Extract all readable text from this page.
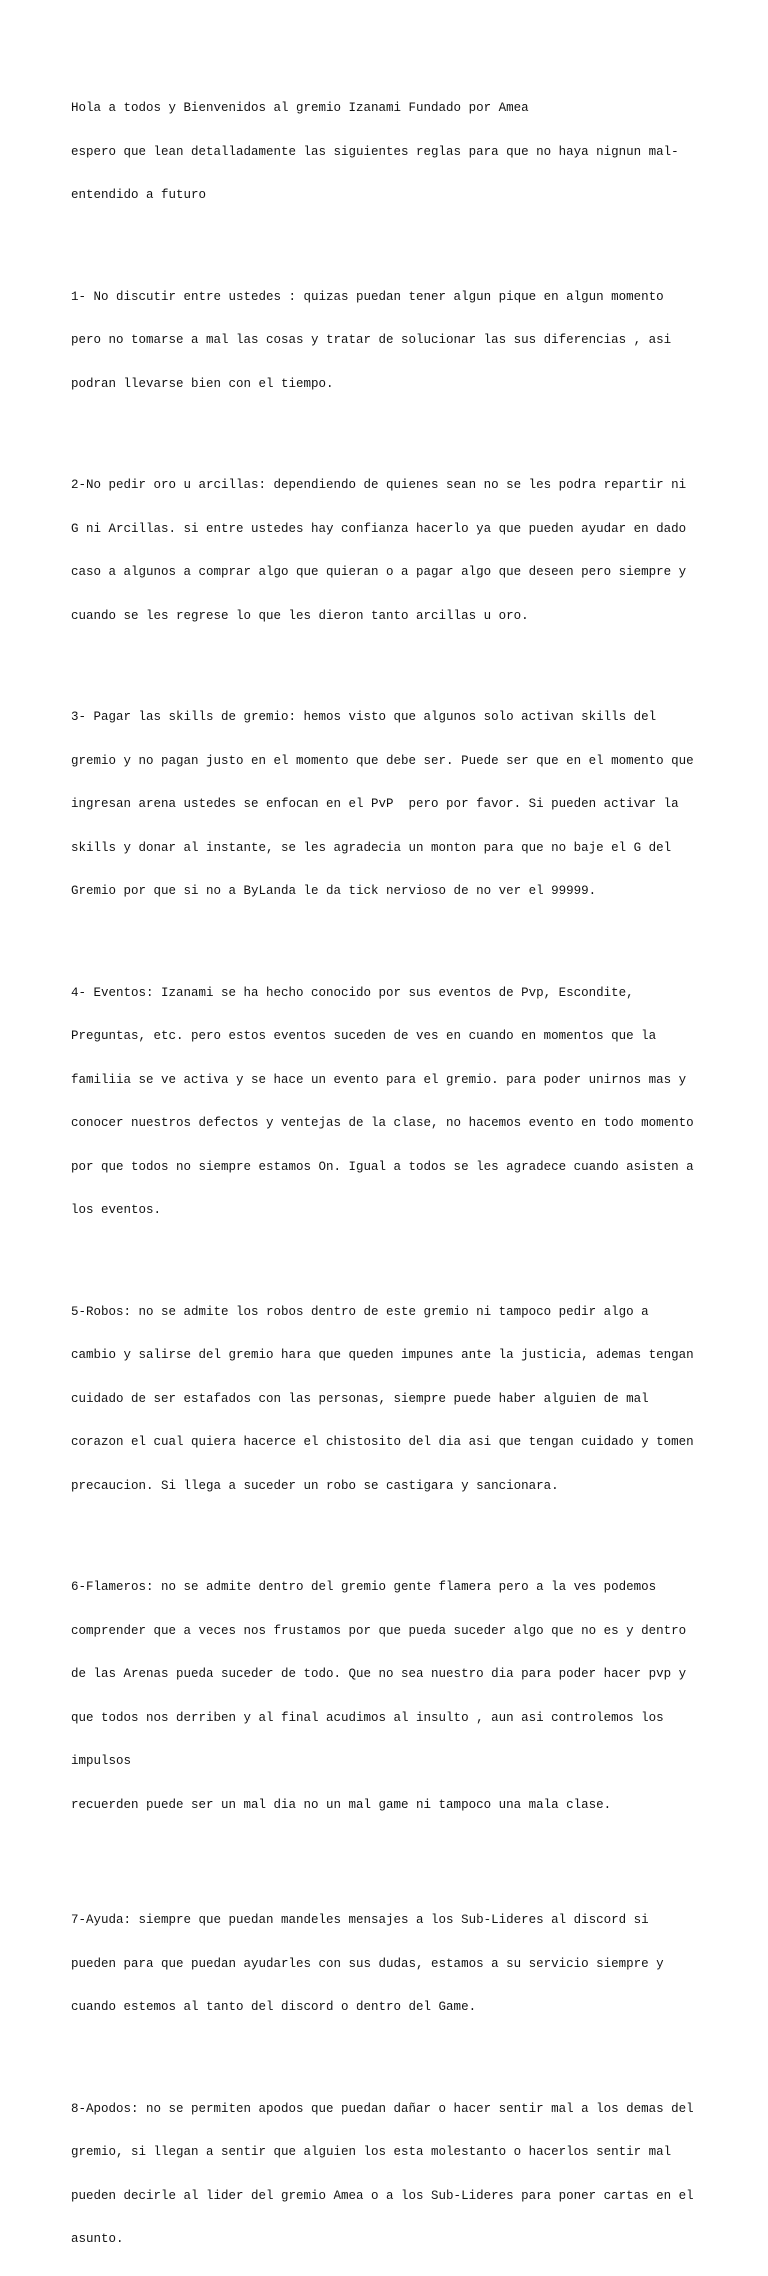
Hola a todos y Bienvenidos al gremio Izanami Fundado por Amea

espero que lean detalladamente las siguientes reglas para que no haya nignun mal-

entendido a futuro

1- No discutir entre ustedes : quizas puedan tener algun pique en algun momento

pero no tomarse a mal las cosas y tratar de solucionar las sus diferencias , asi

podran llevarse bien con el tiempo.

2-No pedir oro u arcillas: dependiendo de quienes sean no se les podra repartir ni

G ni Arcillas. si entre ustedes hay confianza hacerlo ya que pueden ayudar en dado

caso a algunos a comprar algo que quieran o a pagar algo que deseen pero siempre y

cuando se les regrese lo que les dieron tanto arcillas u oro.

3- Pagar las skills de gremio: hemos visto que algunos solo activan skills del

gremio y no pagan justo en el momento que debe ser. Puede ser que en el momento que

ingresan arena ustedes se enfocan en el PvP  pero por favor. Si pueden activar la

skills y donar al instante, se les agradecia un monton para que no baje el G del

Gremio por que si no a ByLanda le da tick nervioso de no ver el 99999.

4- Eventos: Izanami se ha hecho conocido por sus eventos de Pvp, Escondite,

Preguntas, etc. pero estos eventos suceden de ves en cuando en momentos que la

familiia se ve activa y se hace un evento para el gremio. para poder unirnos mas y

conocer nuestros defectos y ventejas de la clase, no hacemos evento en todo momento

por que todos no siempre estamos On. Igual a todos se les agradece cuando asisten a

los eventos.

5-Robos: no se admite los robos dentro de este gremio ni tampoco pedir algo a

cambio y salirse del gremio hara que queden impunes ante la justicia, ademas tengan

cuidado de ser estafados con las personas, siempre puede haber alguien de mal

corazon el cual quiera hacerce el chistosito del dia asi que tengan cuidado y tomen

precaucion. Si llega a suceder un robo se castigara y sancionara.

6-Flameros: no se admite dentro del gremio gente flamera pero a la ves podemos

comprender que a veces nos frustamos por que pueda suceder algo que no es y dentro

de las Arenas pueda suceder de todo. Que no sea nuestro dia para poder hacer pvp y

que todos nos derriben y al final acudimos al insulto , aun asi controlemos los

impulsos

recuerden puede ser un mal dia no un mal game ni tampoco una mala clase.

7-Ayuda: siempre que puedan mandeles mensajes a los Sub-Lideres al discord si

pueden para que puedan ayudarles con sus dudas, estamos a su servicio siempre y

cuando estemos al tanto del discord o dentro del Game.

8-Apodos: no se permiten apodos que puedan dañar o hacer sentir mal a los demas del

gremio, si llegan a sentir que alguien los esta molestanto o hacerlos sentir mal

pueden decirle al lider del gremio Amea o a los Sub-Lideres para poner cartas en el

asunto.
